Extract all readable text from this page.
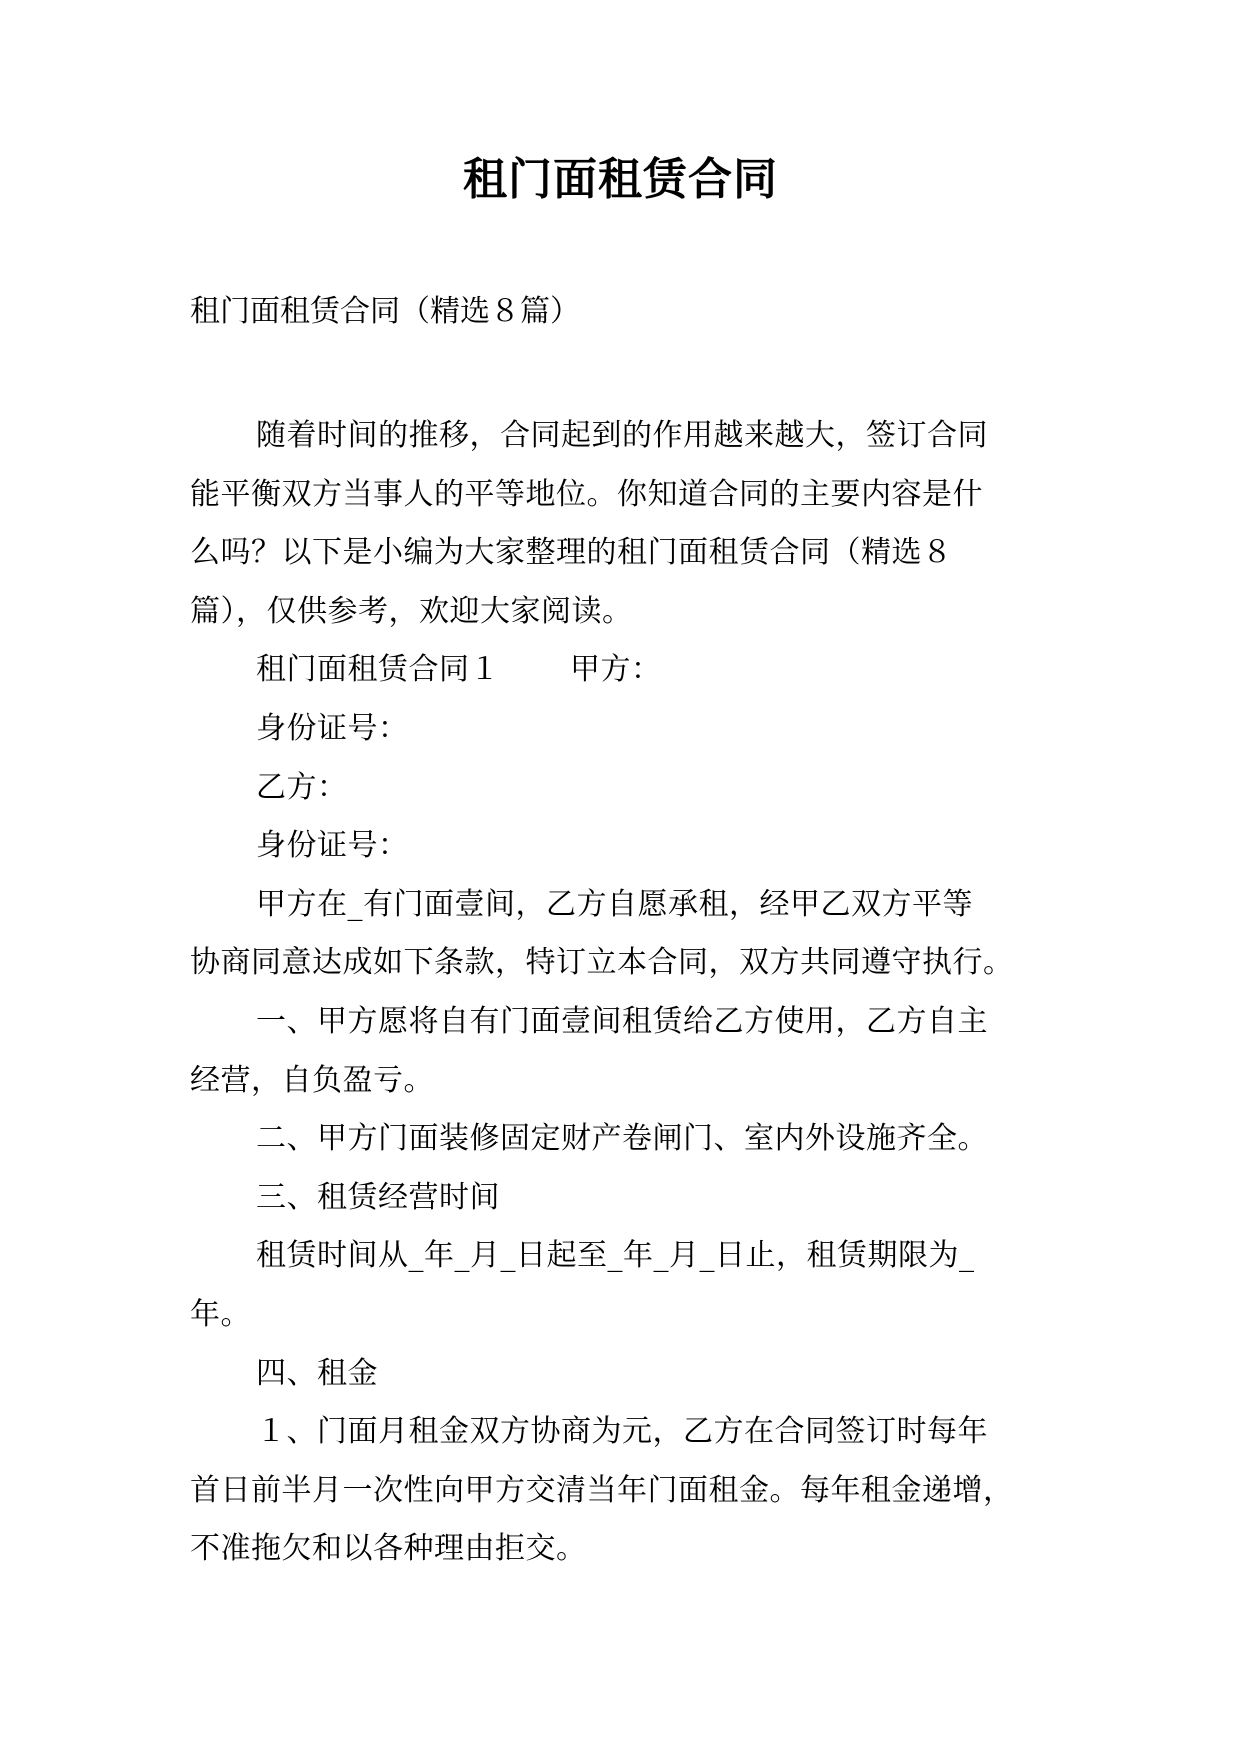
租门面租赁合同
租门面租赁合同（精选８篇）
随着时间的推移，合同起到的作用越来越大，签订合同
能平衡双方当事人的平等地位。你知道合同的主要内容是什
么吗？以下是小编为大家整理的租门面租赁合同（精选８
篇），仅供参考，欢迎大家阅读。
租门面租赁合同１ 甲方：
身份证号：
乙方：
身份证号：
甲方在_有门面壹间，乙方自愿承租，经甲乙双方平等
协商同意达成如下条款，特订立本合同，双方共同遵守执行。
一、甲方愿将自有门面壹间租赁给乙方使用，乙方自主
经营，自负盈亏。
二、甲方门面装修固定财产卷闸门、室内外设施齐全。
三、租赁经营时间
租赁时间从_年_月_日起至_年_月_日止，租赁期限为_
年。
四、租金
１、门面月租金双方协商为元，乙方在合同签订时每年
首日前半月一次性向甲方交清当年门面租金。每年租金递增，
不准拖欠和以各种理由拒交。
